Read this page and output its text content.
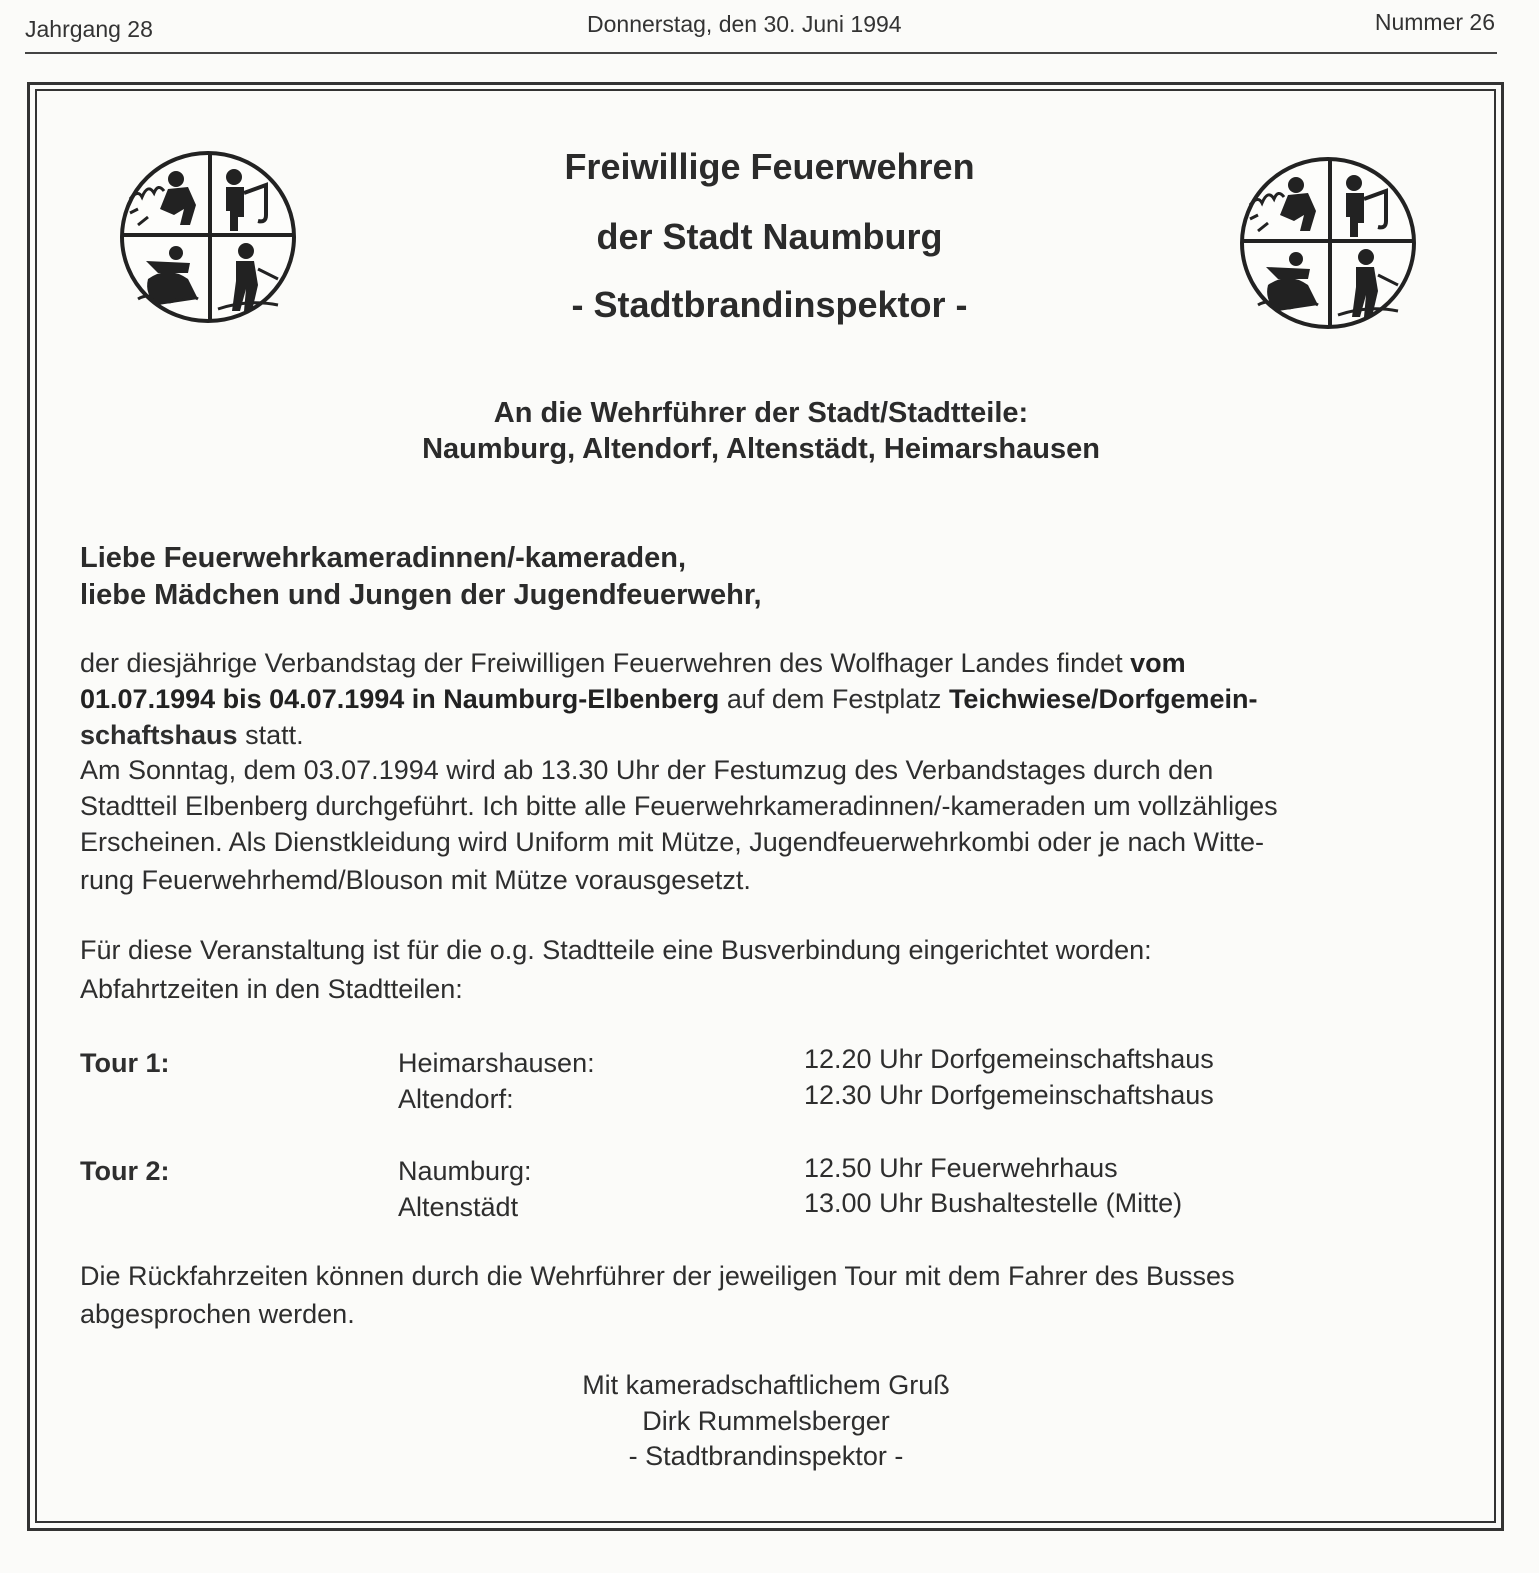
Jahrgang 28	Donnerstag, den 30. Juni 1994	Nummer 26
Freiwillige Feuerwehren
der Stadt Naumburg
- Stadtbrandinspektor -
An die Wehrführer der Stadt/Stadtteile:
Naumburg, Altendorf, Altenstädt, Heimarshausen
Liebe Feuerwehrkameradinnen/-kameraden,
liebe Mädchen und Jungen der Jugendfeuerwehr,
der diesjährige Verbandstag der Freiwilligen Feuerwehren des Wolfhager Landes findet vom
01.07.1994 bis 04.07.1994 in Naumburg-Elbenberg auf dem Festplatz Teichwiese/Dorfgemein-
schaftshaus statt.
Am Sonntag, dem 03.07.1994 wird ab 13.30 Uhr der Festumzug des Verbandstages durch den
Stadtteil Elbenberg durchgeführt. Ich bitte alle Feuerwehrkameradinnen/-kameraden um vollzähliges
Erscheinen. Als Dienstkleidung wird Uniform mit Mütze, Jugendfeuerwehrkombi oder je nach Witte-
rung Feuerwehrhemd/Blouson mit Mütze vorausgesetzt.
Für diese Veranstaltung ist für die o.g. Stadtteile eine Busverbindung eingerichtet worden:
Abfahrtzeiten in den Stadtteilen:
Tour 1:	Heimarshausen:	12.20 Uhr Dorfgemeinschaftshaus
Altendorf:	12.30 Uhr Dorfgemeinschaftshaus
Tour 2:	Naumburg:	12.50 Uhr Feuerwehrhaus
Altenstädt	13.00 Uhr Bushaltestelle (Mitte)
Die Rückfahrzeiten können durch die Wehrführer der jeweiligen Tour mit dem Fahrer des Busses
abgesprochen werden.
Mit kameradschaftlichem Gruß
Dirk Rummelsberger
- Stadtbrandinspektor -
